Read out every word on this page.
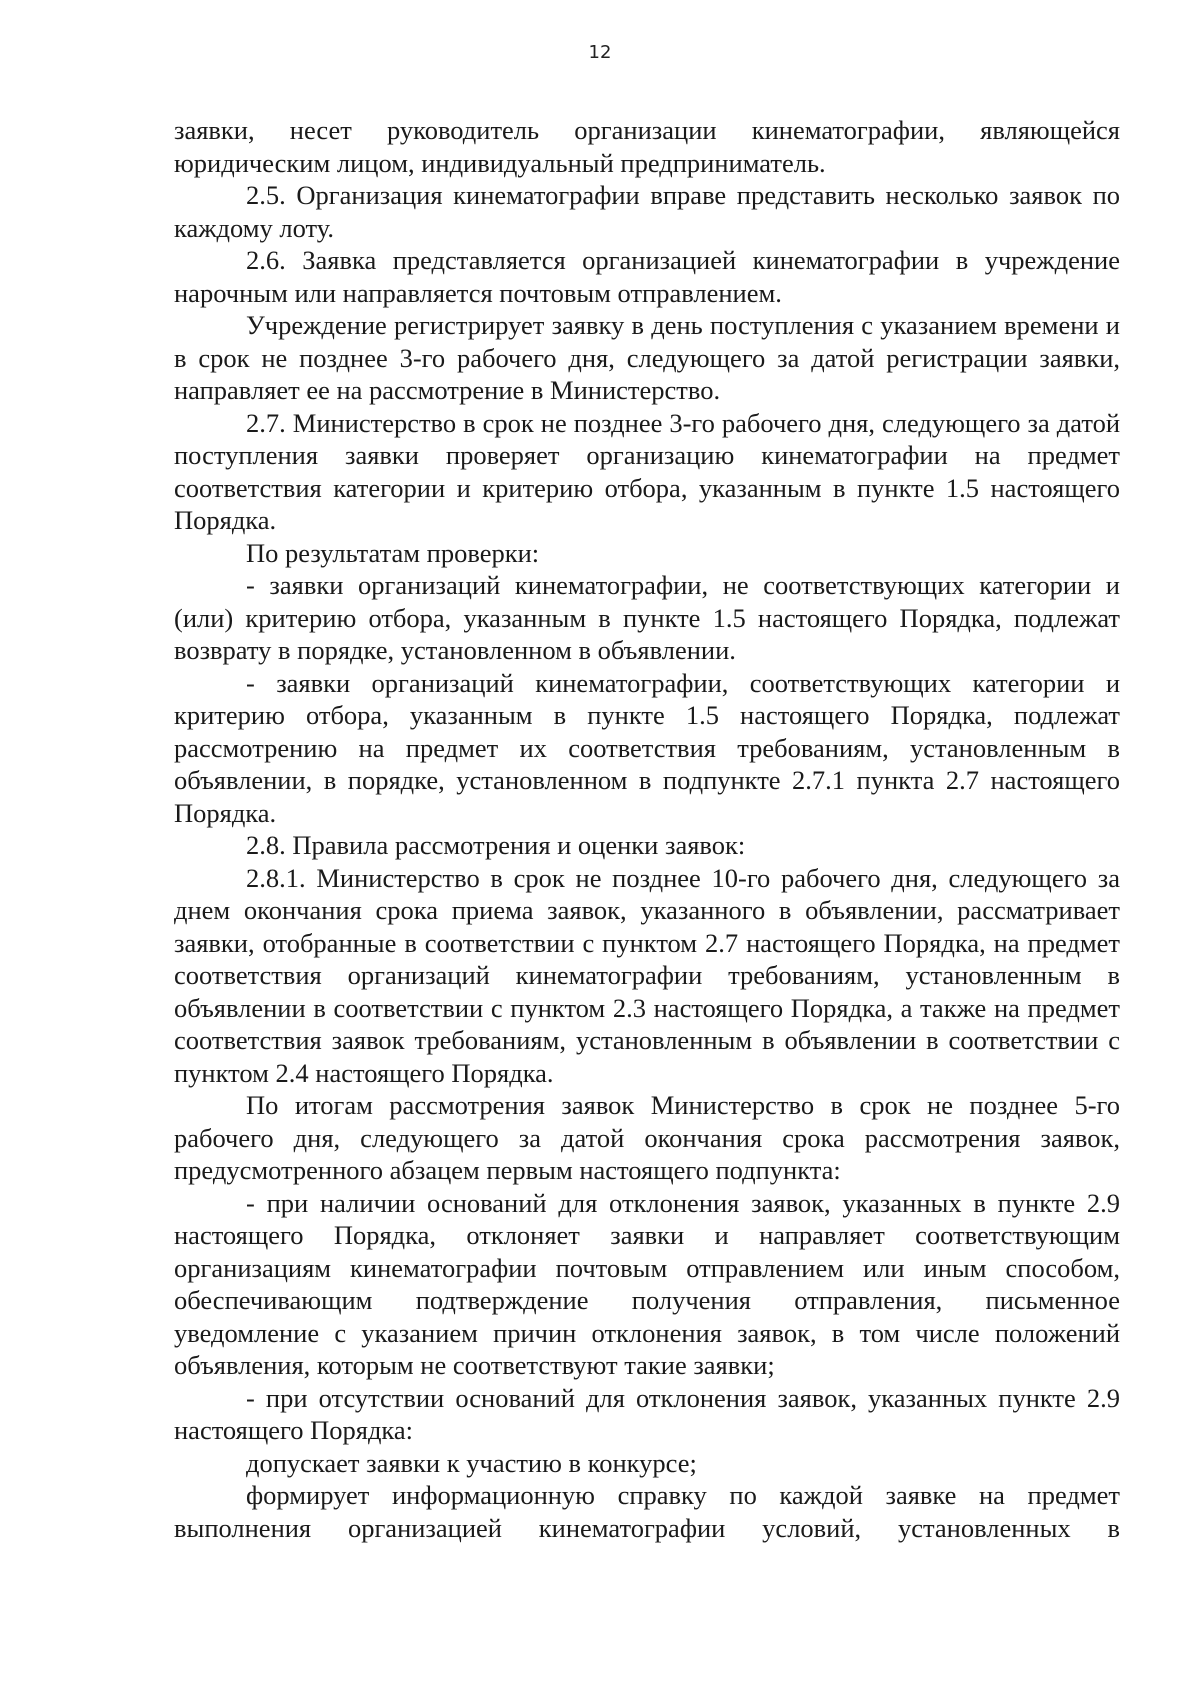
12

заявки, несет руководитель организации кинематографии, являющейся юридическим лицом, индивидуальный предприниматель.

2.5. Организация кинематографии вправе представить несколько заявок по каждому лоту.

2.6. Заявка представляется организацией кинематографии в учреждение нарочным или направляется почтовым отправлением.

Учреждение регистрирует заявку в день поступления с указанием времени и в срок не позднее 3-го рабочего дня, следующего за датой регистрации заявки, направляет ее на рассмотрение в Министерство.

2.7. Министерство в срок не позднее 3-го рабочего дня, следующего за датой поступления заявки проверяет организацию кинематографии на предмет соответствия категории и критерию отбора, указанным в пункте 1.5 настоящего Порядка.

По результатам проверки:

- заявки организаций кинематографии, не соответствующих категории и (или) критерию отбора, указанным в пункте 1.5 настоящего Порядка, подлежат возврату в порядке, установленном в объявлении.

- заявки организаций кинематографии, соответствующих категории и критерию отбора, указанным в пункте 1.5 настоящего Порядка, подлежат рассмотрению на предмет их соответствия требованиям, установленным в объявлении, в порядке, установленном в подпункте 2.7.1 пункта 2.7 настоящего Порядка.

2.8. Правила рассмотрения и оценки заявок:

2.8.1. Министерство в срок не позднее 10-го рабочего дня, следующего за днем окончания срока приема заявок, указанного в объявлении, рассматривает заявки, отобранные в соответствии с пунктом 2.7 настоящего Порядка, на предмет соответствия организаций кинематографии требованиям, установленным в объявлении в соответствии с пунктом 2.3 настоящего Порядка, а также на предмет соответствия заявок требованиям, установленным в объявлении в соответствии с пунктом 2.4 настоящего Порядка.

По итогам рассмотрения заявок Министерство в срок не позднее 5-го рабочего дня, следующего за датой окончания срока рассмотрения заявок, предусмотренного абзацем первым настоящего подпункта:

- при наличии оснований для отклонения заявок, указанных в пункте 2.9 настоящего Порядка, отклоняет заявки и направляет соответствующим организациям кинематографии почтовым отправлением или иным способом, обеспечивающим подтверждение получения отправления, письменное уведомление с указанием причин отклонения заявок, в том числе положений объявления, которым не соответствуют такие заявки;

- при отсутствии оснований для отклонения заявок, указанных пункте 2.9 настоящего Порядка:

допускает заявки к участию в конкурсе;

формирует информационную справку по каждой заявке на предмет выполнения организацией кинематографии условий, установленных в
